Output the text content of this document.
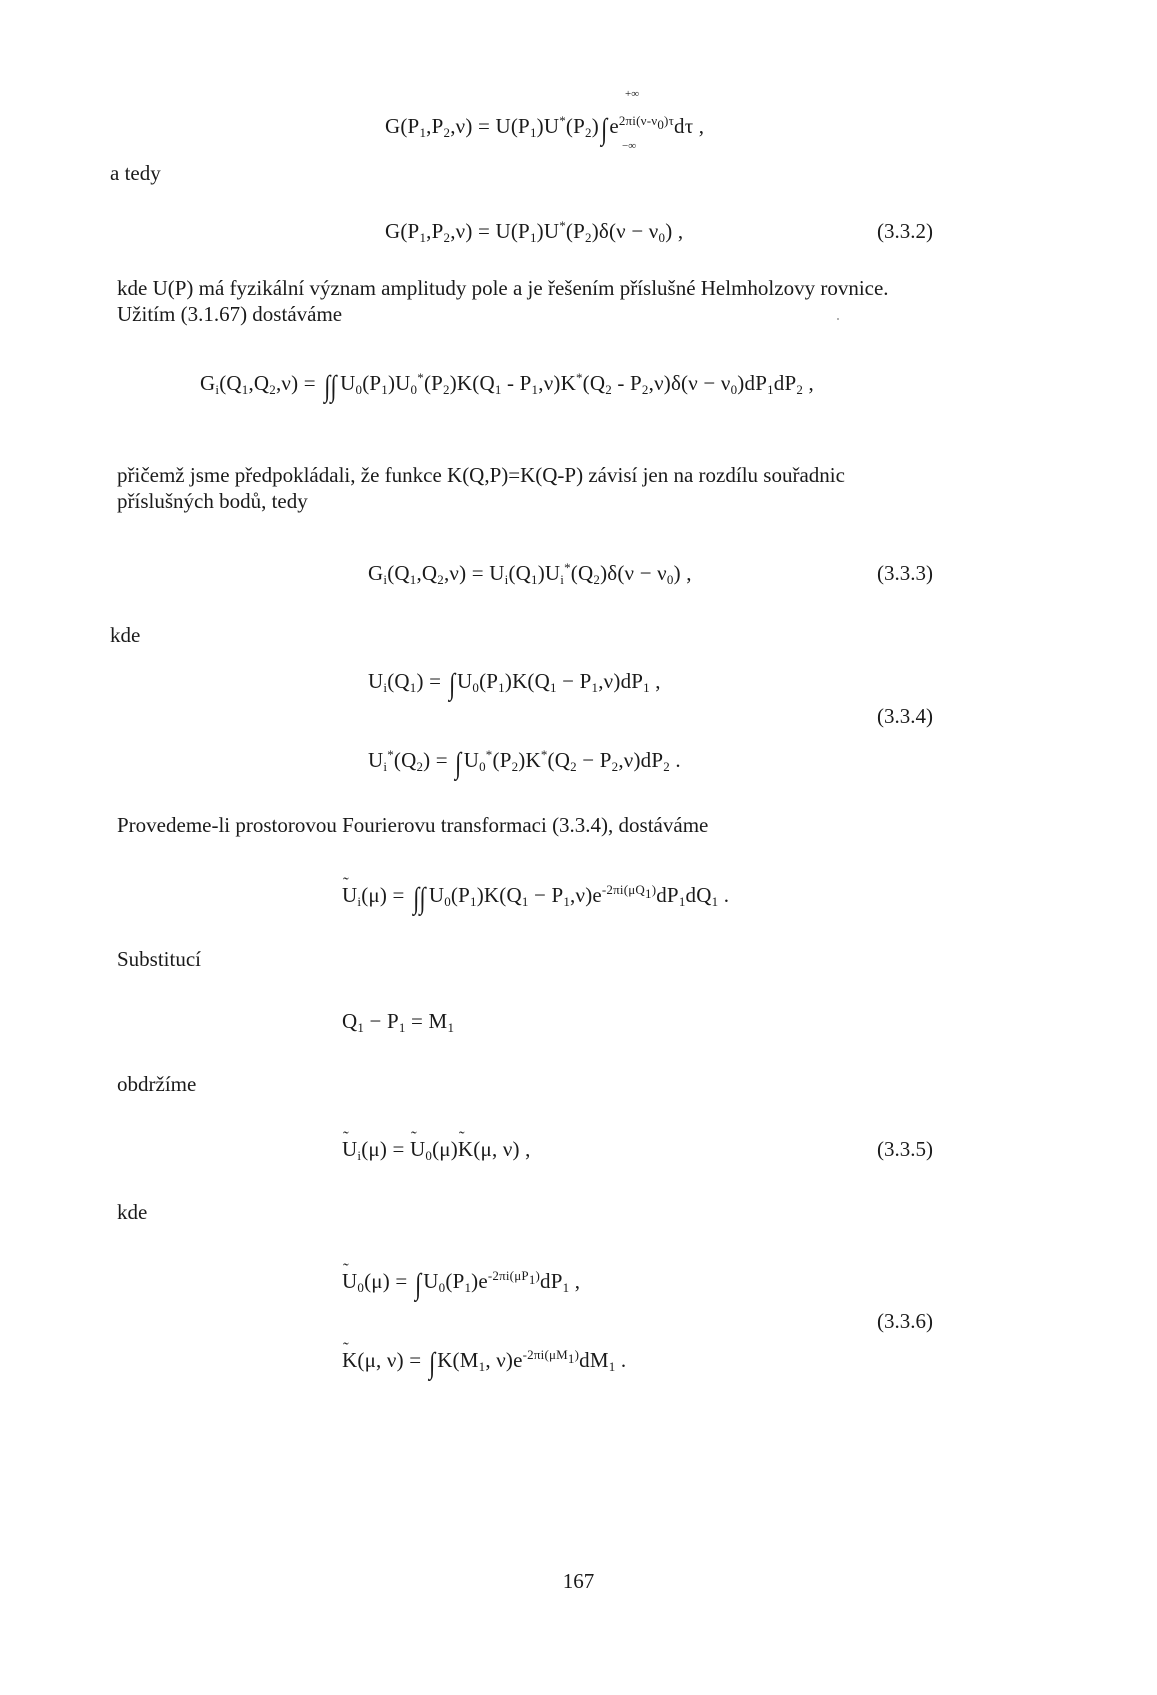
$G(P_1,P_2,\nu) = U(P_1)U^*(P_2)\int e^{2\pi i(\nu-\nu_0)\tau}d\tau$ ,
+∞
−∞
a tedy
$G(P_1,P_2,\nu) = U(P_1)U^*(P_2)\delta(\nu - \nu_0)$ ,	(3.3.2)
kde U(P) má fyzikální význam amplitudy pole a je řešením příslušné Helmholzovy rovnice.
Užitím (3.1.67) dostáváme
$G_i(Q_1,Q_2,\nu)$ = ∫∫ $U_0(P_1)U_0^*(P_2)K(Q_1 - P_1,\nu)K^*(Q_2 - P_2,\nu)\delta(\nu - \nu_0)dP_1dP_2$ ,
přičemž jsme předpokládali, že funkce K(Q,P)=K(Q-P) závisí jen na rozdílu souřadnic
příslušných bodů, tedy
$G_i(Q_1,Q_2,\nu) = U_i(Q_1)U_i^*(Q_2)\delta(\nu - \nu_0)$ ,	(3.3.3)
kde
$U_i(Q_1) = \int U_0(P_1)K(Q_1 - P_1,\nu)dP_1$ ,
$U_i^*(Q_2) = \int U_0^*(P_2)K^*(Q_2 - P_2,\nu)dP_2$ .
(3.3.4)
Provedeme-li prostorovou Fourierovu transformaci (3.3.4), dostáváme
˜ $U_i(\mu)$ = ∫∫ $U_0(P_1)K(Q_1 - P_1,\nu)e^{-2\pi i(\mu Q_1)}dP_1dQ_1$ .
Substitucí
$Q_1 - P_1 = M_1$
obdržíme
˜ $U_i(\mu)$ = ˜ $U_0(\mu)˜$ K(μ, ν) ,	(3.3.5)
kde
˜ $U_0(\mu) = \int U_0(P_1)e^{-2\pi i(\mu P_1)}dP_1$ ,
˜ K(μ, $\nu) = \int K(M_1$, $\nu)e^{-2\pi i(\mu M_1)}dM_1$ .
(3.3.6)
167
